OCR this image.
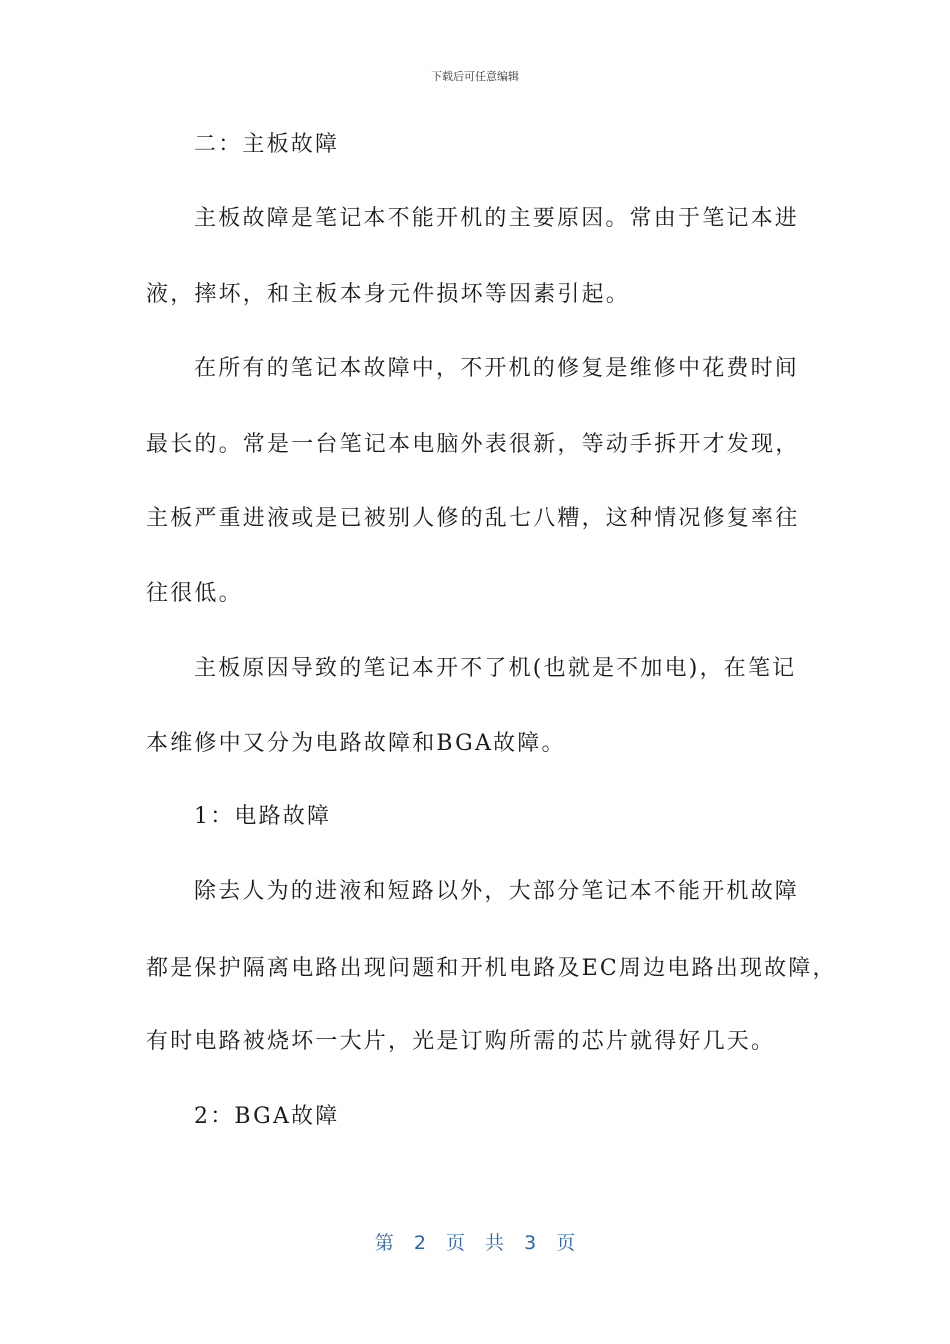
下载后可任意编辑
二：主板故障
主板故障是笔记本不能开机的主要原因。常由于笔记本进
液，摔坏，和主板本身元件损坏等因素引起。
在所有的笔记本故障中，不开机的修复是维修中花费时间
最长的。常是一台笔记本电脑外表很新，等动手拆开才发现，
主板严重进液或是已被别人修的乱七八糟，这种情况修复率往
往很低。
主板原因导致的笔记本开不了机(也就是不加电)，在笔记
本维修中又分为电路故障和BGA故障。
1：电路故障
除去人为的进液和短路以外，大部分笔记本不能开机故障
都是保护隔离电路出现问题和开机电路及EC周边电路出现故障，
有时电路被烧坏一大片，光是订购所需的芯片就得好几天。
2：BGA故障
第 2 页 共 3 页
